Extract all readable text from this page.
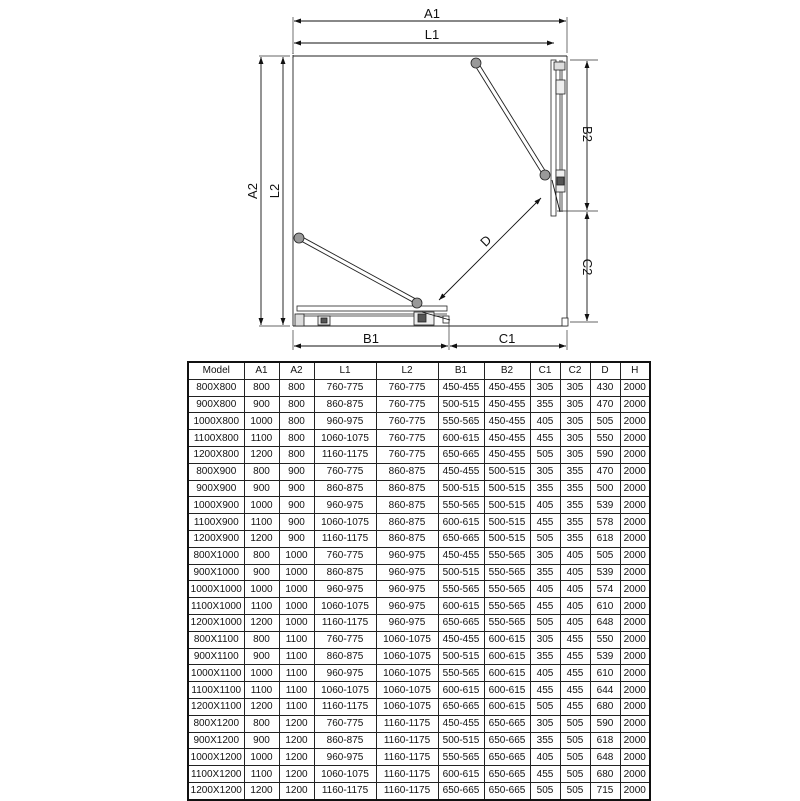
A1
L1
A2 L2
B1	C1
B2
C2
D
Model	A1	A2	L1	L2	B1	B2	C1	C2	D	H
800X800	800	800	760-775	760-775	450-455	450-455	305	305	430	2000
900X800	900	800	860-875	760-775	500-515	450-455	355	305	470	2000
1000X800	1000	800	960-975	760-775	550-565	450-455	405	305	505	2000
1100X800	1100	800	1060-1075	760-775	600-615	450-455	455	305	550	2000
1200X800	1200	800	1160-1175	760-775	650-665	450-455	505	305	590	2000
800X900	800	900	760-775	860-875	450-455	500-515	305	355	470	2000
900X900	900	900	860-875	860-875	500-515	500-515	355	355	500	2000
1000X900	1000	900	960-975	860-875	550-565	500-515	405	355	539	2000
1100X900	1100	900	1060-1075	860-875	600-615	500-515	455	355	578	2000
1200X900	1200	900	1160-1175	860-875	650-665	500-515	505	355	618	2000
800X1000	800	1000	760-775	960-975	450-455	550-565	305	405	505	2000
900X1000	900	1000	860-875	960-975	500-515	550-565	355	405	539	2000
1000X1000	1000	1000	960-975	960-975	550-565	550-565	405	405	574	2000
1100X1000	1100	1000	1060-1075	960-975	600-615	550-565	455	405	610	2000
1200X1000	1200	1000	1160-1175	960-975	650-665	550-565	505	405	648	2000
800X1100	800	1100	760-775	1060-1075	450-455	600-615	305	455	550	2000
900X1100	900	1100	860-875	1060-1075	500-515	600-615	355	455	539	2000
1000X1100	1000	1100	960-975	1060-1075	550-565	600-615	405	455	610	2000
1100X1100	1100	1100	1060-1075	1060-1075	600-615	600-615	455	455	644	2000
1200X1100	1200	1100	1160-1175	1060-1075	650-665	600-615	505	455	680	2000
800X1200	800	1200	760-775	1160-1175	450-455	650-665	305	505	590	2000
900X1200	900	1200	860-875	1160-1175	500-515	650-665	355	505	618	2000
1000X1200	1000	1200	960-975	1160-1175	550-565	650-665	405	505	648	2000
1100X1200	1100	1200	1060-1075	1160-1175	600-615	650-665	455	505	680	2000
1200X1200	1200	1200	1160-1175	1160-1175	650-665	650-665	505	505	715	2000
